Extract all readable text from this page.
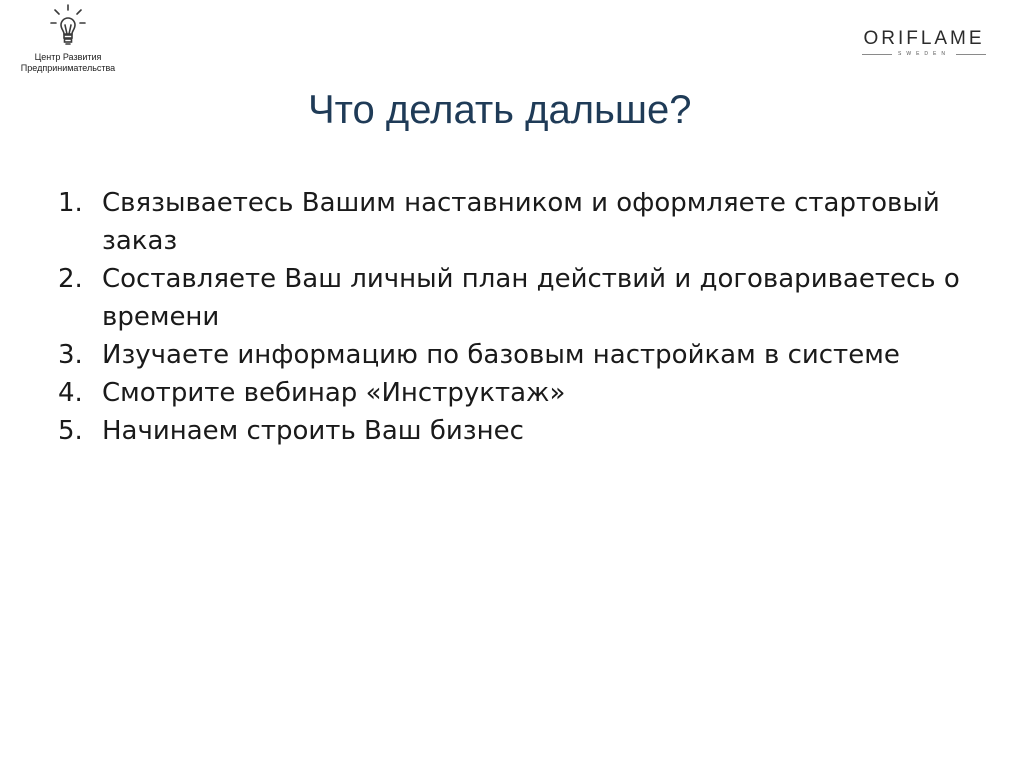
Центр Развития
Предпринимательства
ORIFLAME
SWEDEN
Что делать дальше?
1. Связываетесь Вашим наставником и оформляете стартовый заказ
2. Составляете Ваш личный план действий и договариваетесь о времени
3. Изучаете информацию по базовым настройкам в системе
4. Смотрите вебинар «Инструктаж»
5. Начинаем строить Ваш бизнес
